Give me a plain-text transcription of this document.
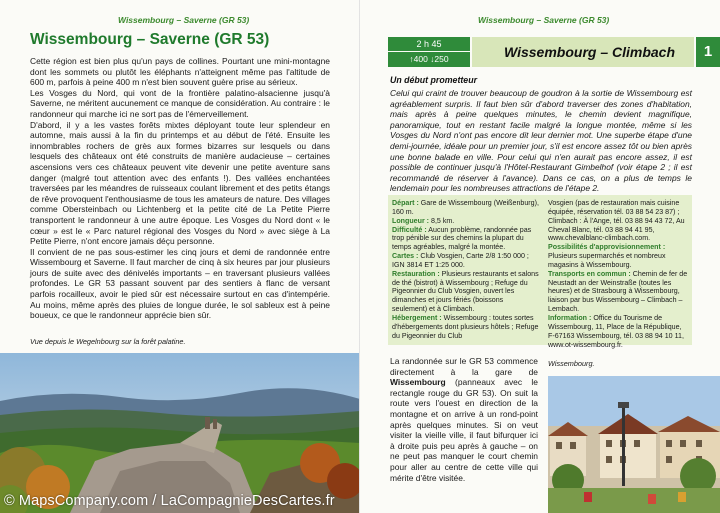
Wissembourg – Saverne (GR 53)
Wissembourg – Saverne (GR 53)

Cette région est bien plus qu'un pays de collines. Pourtant une mini-montagne dont les sommets ou plutôt les éléphants n'atteignent même pas l'altitude de 600 m, parfois à peine 400 m n'est bien souvent guère prise au sérieux.

Les Vosges du Nord, qui vont de la frontière palatino-alsacienne jusqu'à Saverne, ne méritent aucunement ce manque de considération. Au contraire : le randonneur qui marche ici ne sort pas de l'émerveillement.

D'abord, il y a les vastes forêts mixtes déployant toute leur splendeur en automne, mais aussi à la fin du printemps et au début de l'été. Ensuite les innombrables rochers de grès aux formes bizarres sur lesquels ou dans lesquels des châteaux ont été construits de manière audacieuse – certaines ascensions vers ces châteaux peuvent vite devenir une petite aventure sans danger (malgré tout attention avec des enfants !). Des vallées enchantées traversées par les méandres de ruisseaux coulant librement et des petits étangs de rêve provoquent l'enthousiasme de tous les amateurs de nature. Des villages comme Obersteinbach ou Lichtenberg et la petite cité de La Petite Pierre transportent le randonneur à une autre époque. Les Vosges du Nord dont « le cœur » est le « Parc naturel régional des Vosges du Nord » avec siège à La Petite Pierre, n'ont encore jamais déçu personne.

Il convient de ne pas sous-estimer les cinq jours et demi de randonnée entre Wissembourg et Saverne. Il faut marcher de cinq à six heures par jour plusieurs jours de suite avec des dénivelés importants – en traversant plusieurs vallées profondes. Le GR 53 passant souvent par des sentiers à flanc de versant parfois rocailleux, avoir le pied sûr est nécessaire surtout en cas d'intempérie. Au moins, même après des pluies de longue durée, le sol sableux est à peine boueux, ce que le randonneur apprécie bien sûr.

Vue depuis le Wegelnbourg sur la forêt palatine.
Wissembourg – Saverne (GR 53)
2 h 45
↑400 ↓250	Wissembourg – Climbach	1
Un début prometteur
Celui qui craint de trouver beaucoup de goudron à la sortie de Wissembourg est agréablement surpris. Il faut bien sûr d'abord traverser des zones d'habitation, mais après à peine quelques minutes, le chemin devient magnifique, panoramique, tout en restant facile malgré la longue montée, même si les Vosges du Nord n'ont pas encore dit leur dernier mot. Une superbe étape d'une demi-journée, idéale pour un premier jour, s'il est encore assez tôt ou bien après une bonne balade en ville. Pour celui qui n'en aurait pas encore assez, il est possible de continuer jusqu'à l'Hôtel-Restaurant Gimbelhof (voir étape 2 ; il est recommandé de réserver à l'avance). Dans ce cas, on a plus de temps le lendemain pour les nombreuses attractions de l'étape 2.
Départ : Gare de Wissembourg (Weißenburg), 160 m.
Longueur : 8,5 km.
Difficulté : Aucun problème, randonnée pas trop pénible sur des chemins la plupart du temps agréables, malgré la montée.
Cartes : Club Vosgien, Carte 2/8 1:50 000 ; IGN 3814 ET 1:25 000.
Restauration : Plusieurs restaurants et salons de thé (bistrot) à Wissembourg ; Refuge du Pigeonnier du Club Vosgien, ouvert les dimanches et jours fériés (boissons seulement) et à Climbach.
Hébergement : Wissembourg : toutes sortes d'hébergements dont plusieurs hôtels ; Refuge du Pigeonnier du Club
Vosgien (pas de restauration mais cuisine équipée, réservation tél. 03 88 54 23 87) ; Climbach : À l'Ange, tél. 03 88 94 43 72, Au Cheval Blanc, tél. 03 88 94 41 95, www.chevalblanc-climbach.com.
Possibilités d'approvisionnement : Plusieurs supermarchés et nombreux magasins à Wissembourg.
Transports en commun : Chemin de fer de Neustadt an der Weinstraße (toutes les heures) et de Strasbourg à Wissembourg, liaison par bus Wissembourg – Climbach – Lembach.
Information : Office du Tourisme de Wissembourg, 11, Place de la République, F-67163 Wissembourg, tél. 03 88 94 10 11, www.ot-wissembourg.fr.
La randonnée sur le GR 53 commence directement à la gare de Wissembourg (panneaux avec le rectangle rouge du GR 53). On suit la route vers l'ouest en direction de la montagne et on arrive à un rond-point après quelques minutes. Si on veut visiter la vieille ville, il faut bifurquer ici à droite puis peu après à gauche – on ne peut pas manquer le court chemin pour aller au centre de cette ville qui mérite d'être visitée.
Wissembourg.
© MapsCompany.com / LaCompagnieDesCartes.fr
